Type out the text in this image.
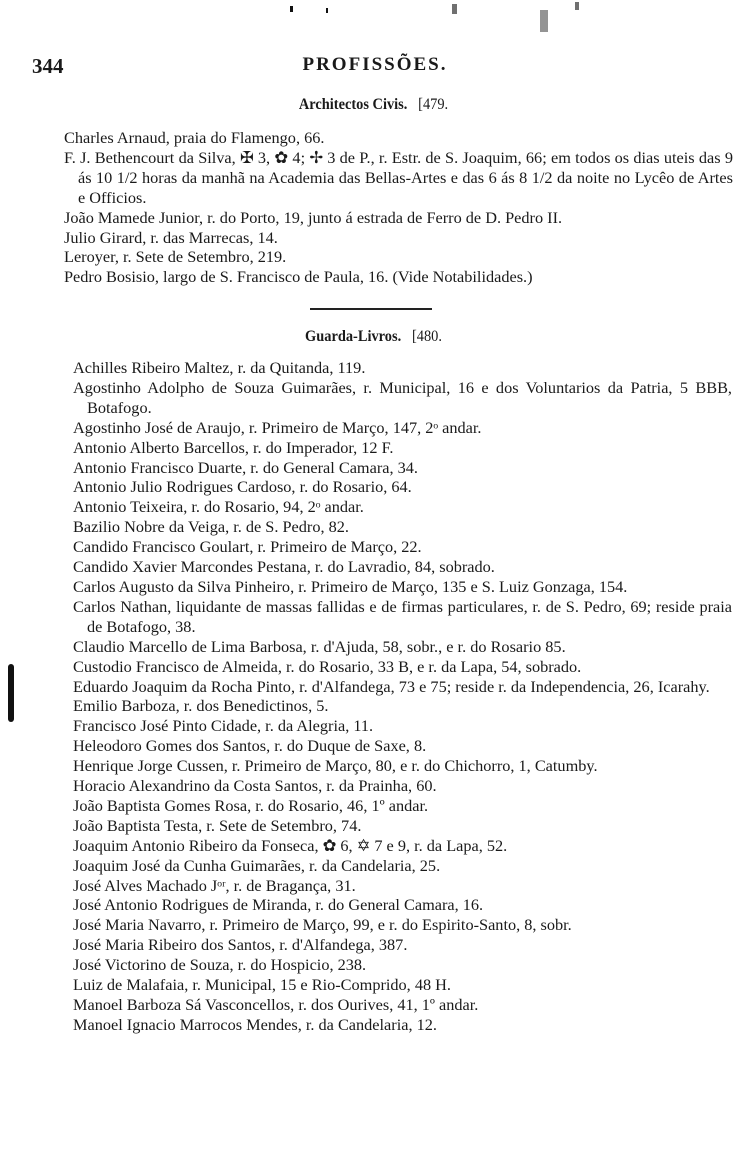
344	PROFISSÕES.
Architectos Civis. [479.
Charles Arnaud, praia do Flamengo, 66.
F. J. Bethencourt da Silva, ✠ 3, ✿ 4; ✢ 3 de P., r. Estr. de S. Joaquim, 66; em todos os dias uteis das 9 ás 10 1/2 horas da manhã na Academia das Bellas-Artes e das 6 ás 8 1/2 da noite no Lycêo de Artes e Officios.
João Mamede Junior, r. do Porto, 19, junto á estrada de Ferro de D. Pedro II.
Julio Girard, r. das Marrecas, 14.
Leroyer, r. Sete de Setembro, 219.
Pedro Bosisio, largo de S. Francisco de Paula, 16. (Vide Notabilidades.)
Guarda-Livros. [480.
Achilles Ribeiro Maltez, r. da Quitanda, 119.
Agostinho Adolpho de Souza Guimarães, r. Municipal, 16 e dos Voluntarios da Patria, 5 BBB, Botafogo.
Agostinho José de Araujo, r. Primeiro de Março, 147, 2ᵒ andar.
Antonio Alberto Barcellos, r. do Imperador, 12 F.
Antonio Francisco Duarte, r. do General Camara, 34.
Antonio Julio Rodrigues Cardoso, r. do Rosario, 64.
Antonio Teixeira, r. do Rosario, 94, 2ᵒ andar.
Bazilio Nobre da Veiga, r. de S. Pedro, 82.
Candido Francisco Goulart, r. Primeiro de Março, 22.
Candido Xavier Marcondes Pestana, r. do Lavradio, 84, sobrado.
Carlos Augusto da Silva Pinheiro, r. Primeiro de Março, 135 e S. Luiz Gonzaga, 154.
Carlos Nathan, liquidante de massas fallidas e de firmas particulares, r. de S. Pedro, 69; reside praia de Botafogo, 38.
Claudio Marcello de Lima Barbosa, r. d'Ajuda, 58, sobr., e r. do Rosario 85.
Custodio Francisco de Almeida, r. do Rosario, 33 B, e r. da Lapa, 54, sobrado.
Eduardo Joaquim da Rocha Pinto, r. d'Alfandega, 73 e 75; reside r. da Independencia, 26, Icarahy.
Emilio Barboza, r. dos Benedictinos, 5.
Francisco José Pinto Cidade, r. da Alegria, 11.
Heleodoro Gomes dos Santos, r. do Duque de Saxe, 8.
Henrique Jorge Cussen, r. Primeiro de Março, 80, e r. do Chichorro, 1, Catumby.
Horacio Alexandrino da Costa Santos, r. da Prainha, 60.
João Baptista Gomes Rosa, r. do Rosario, 46, 1º andar.
João Baptista Testa, r. Sete de Setembro, 74.
Joaquim Antonio Ribeiro da Fonseca, ✿ 6, ✡ 7 e 9, r. da Lapa, 52.
Joaquim José da Cunha Guimarães, r. da Candelaria, 25.
José Alves Machado Jᵒʳ, r. de Bragança, 31.
José Antonio Rodrigues de Miranda, r. do General Camara, 16.
José Maria Navarro, r. Primeiro de Março, 99, e r. do Espirito-Santo, 8, sobr.
José Maria Ribeiro dos Santos, r. d'Alfandega, 387.
José Victorino de Souza, r. do Hospicio, 238.
Luiz de Malafaia, r. Municipal, 15 e Rio-Comprido, 48 H.
Manoel Barboza Sá Vasconcellos, r. dos Ourives, 41, 1º andar.
Manoel Ignacio Marrocos Mendes, r. da Candelaria, 12.
